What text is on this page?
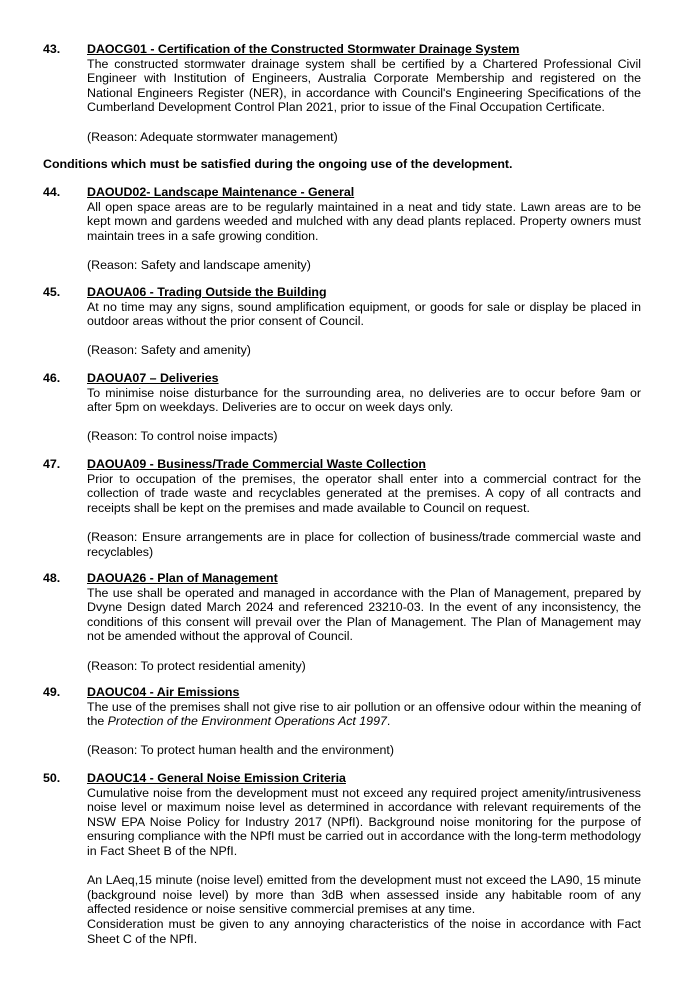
43. DAOCG01 - Certification of the Constructed Stormwater Drainage System
The constructed stormwater drainage system shall be certified by a Chartered Professional Civil Engineer with Institution of Engineers, Australia Corporate Membership and registered on the National Engineers Register (NER), in accordance with Council's Engineering Specifications of the Cumberland Development Control Plan 2021, prior to issue of the Final Occupation Certificate.
(Reason: Adequate stormwater management)
Conditions which must be satisfied during the ongoing use of the development.
44. DAOUD02- Landscape Maintenance - General
All open space areas are to be regularly maintained in a neat and tidy state. Lawn areas are to be kept mown and gardens weeded and mulched with any dead plants replaced. Property owners must maintain trees in a safe growing condition.
(Reason: Safety and landscape amenity)
45. DAOUA06 - Trading Outside the Building
At no time may any signs, sound amplification equipment, or goods for sale or display be placed in outdoor areas without the prior consent of Council.
(Reason: Safety and amenity)
46. DAOUA07 – Deliveries
To minimise noise disturbance for the surrounding area, no deliveries are to occur before 9am or after 5pm on weekdays. Deliveries are to occur on week days only.
(Reason: To control noise impacts)
47. DAOUA09 - Business/Trade Commercial Waste Collection
Prior to occupation of the premises, the operator shall enter into a commercial contract for the collection of trade waste and recyclables generated at the premises. A copy of all contracts and receipts shall be kept on the premises and made available to Council on request.
(Reason: Ensure arrangements are in place for collection of business/trade commercial waste and recyclables)
48. DAOUA26 - Plan of Management
The use shall be operated and managed in accordance with the Plan of Management, prepared by Dvyne Design dated March 2024 and referenced 23210-03. In the event of any inconsistency, the conditions of this consent will prevail over the Plan of Management. The Plan of Management may not be amended without the approval of Council.
(Reason: To protect residential amenity)
49. DAOUC04 - Air Emissions
The use of the premises shall not give rise to air pollution or an offensive odour within the meaning of the Protection of the Environment Operations Act 1997.
(Reason: To protect human health and the environment)
50. DAOUC14 - General Noise Emission Criteria
Cumulative noise from the development must not exceed any required project amenity/intrusiveness noise level or maximum noise level as determined in accordance with relevant requirements of the NSW EPA Noise Policy for Industry 2017 (NPfI). Background noise monitoring for the purpose of ensuring compliance with the NPfI must be carried out in accordance with the long-term methodology in Fact Sheet B of the NPfI.
An LAeq,15 minute (noise level) emitted from the development must not exceed the LA90, 15 minute (background noise level) by more than 3dB when assessed inside any habitable room of any affected residence or noise sensitive commercial premises at any time.
Consideration must be given to any annoying characteristics of the noise in accordance with Fact Sheet C of the NPfI.
